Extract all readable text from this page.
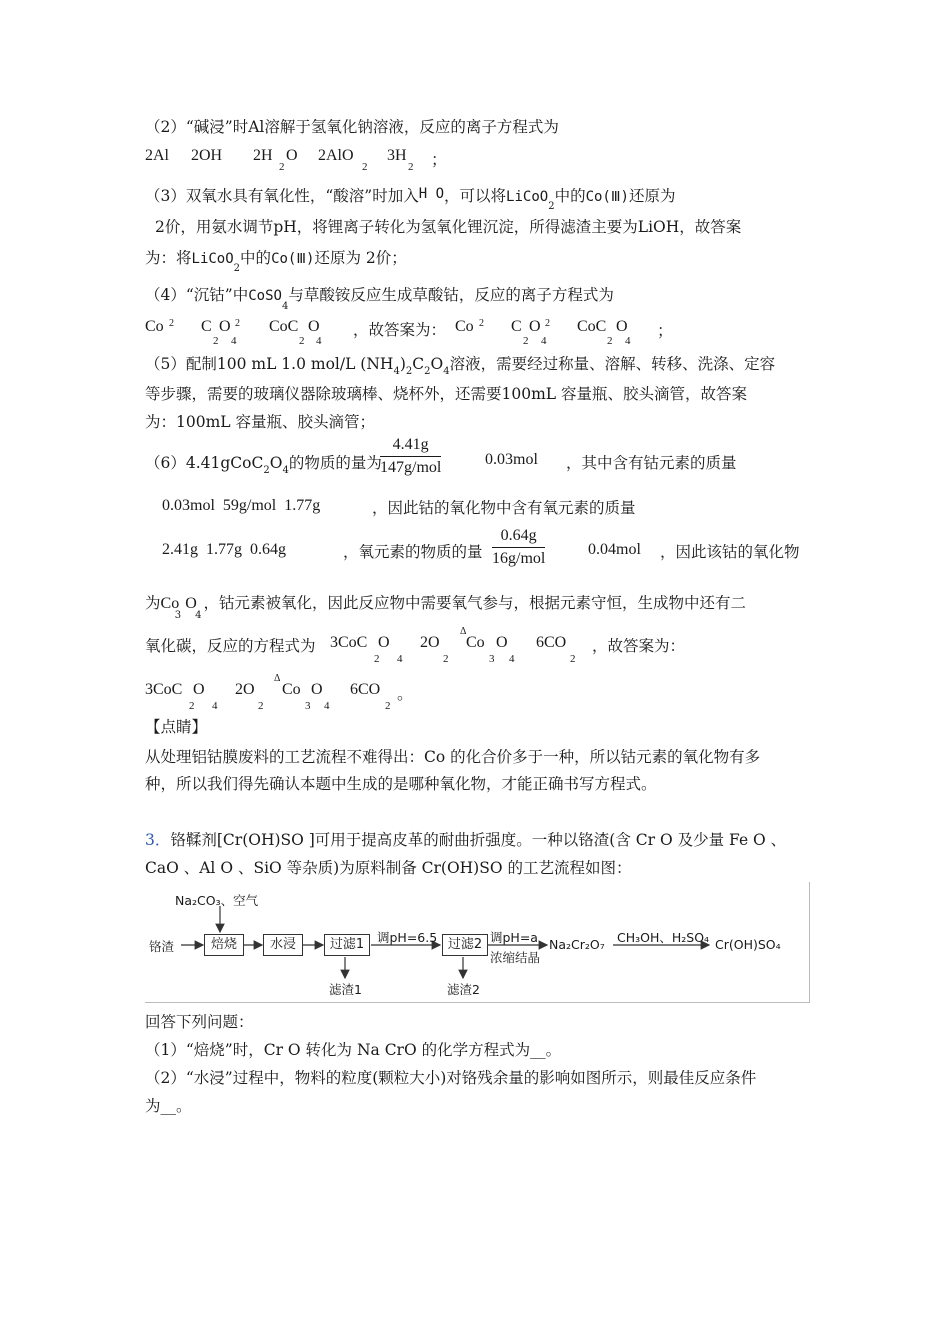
（2）“碱浸”时Al溶解于氢氧化钠溶液，反应的离子方程式为
2Al 2OH 2H
2
O 2AlO
2
3H
2 ；
（3）双氧水具有氧化性，“酸溶”时加入H O，可以将LiCoO$_2$中的Co(Ⅲ)还原为
2价，用氨水调节pH，将锂离子转化为氢氧化锂沉淀，所得滤渣主要为LiOH，故答案
为：将LiCoO$_2$中的Co(Ⅲ)还原为 2价；
（4）“沉钴”中CoSO$_4$与草酸铵反应生成草酸钴，反应的离子方程式为
Co 2 C O
2 4
2 CoC O
2 4
，故答案为： Co 2 C O
2 4
2 CoC O
2 4
；
（5）配制100 mL 1.0 mol/L $(NH_4)_2C_2O_4$溶液，需要经过称量、溶解、转移、洗涤、定容
等步骤，需要的玻璃仪器除玻璃棒、烧杯外，还需要100mL 容量瓶、胶头滴管，故答案
为：100mL 容量瓶、胶头滴管；
$(6)4.41gCoC_2O_4$的物质的量为
4.41g
147g/mol	0.03mol ，其中含有钴元素的质量
0.03mol 59g/mol 1.77g	，因此钴的氧化物中含有氧元素的质量
2.41g 1.77g 0.64g	，氧元素的物质的量
0.64g
16g/mol
0.04mol ，因此该钴的氧化物
为Co $O_3$ $_4$，钴元素被氧化，因此反应物中需要氧气参与，根据元素守恒，生成物中还有二
氧化碳，反应的方程式为 3CoC O
2 4
2O
2
Δ
Co O
3 4
6CO
2
，故答案为：
3CoC O
2 4
2O
2
Δ
Co O
3 4
6CO
2
。
【点睛】
从处理铝钴膜废料的工艺流程不难得出：Co 的化合价多于一种，所以钴元素的氧化物有多
种，所以我们得先确认本题中生成的是哪种氧化物，才能正确书写方程式。
3．铬鞣剂[Cr(OH)SO ]可用于提高皮革的耐曲折强度。一种以铬渣(含 Cr O 及少量 Fe O 、
CaO 、Al O 、SiO 等杂质)为原料制备 Cr(OH)SO 的工艺流程如图：
铬渣
Na₂CO₃、空气
焙烧	水浸	过滤1	调pH=6.5 过滤2 调pH=a
浓缩结晶
Na₂Cr₂O₇ CH₃OH、H₂SO₄ Cr(OH)SO₄
滤渣1	滤渣2
回答下列问题：
（1）“焙烧”时，Cr O 转化为 Na CrO 的化学方程式为__。
（2）“水浸”过程中，物料的粒度(颗粒大小)对铬残余量的影响如图所示，则最佳反应条件
为__。
